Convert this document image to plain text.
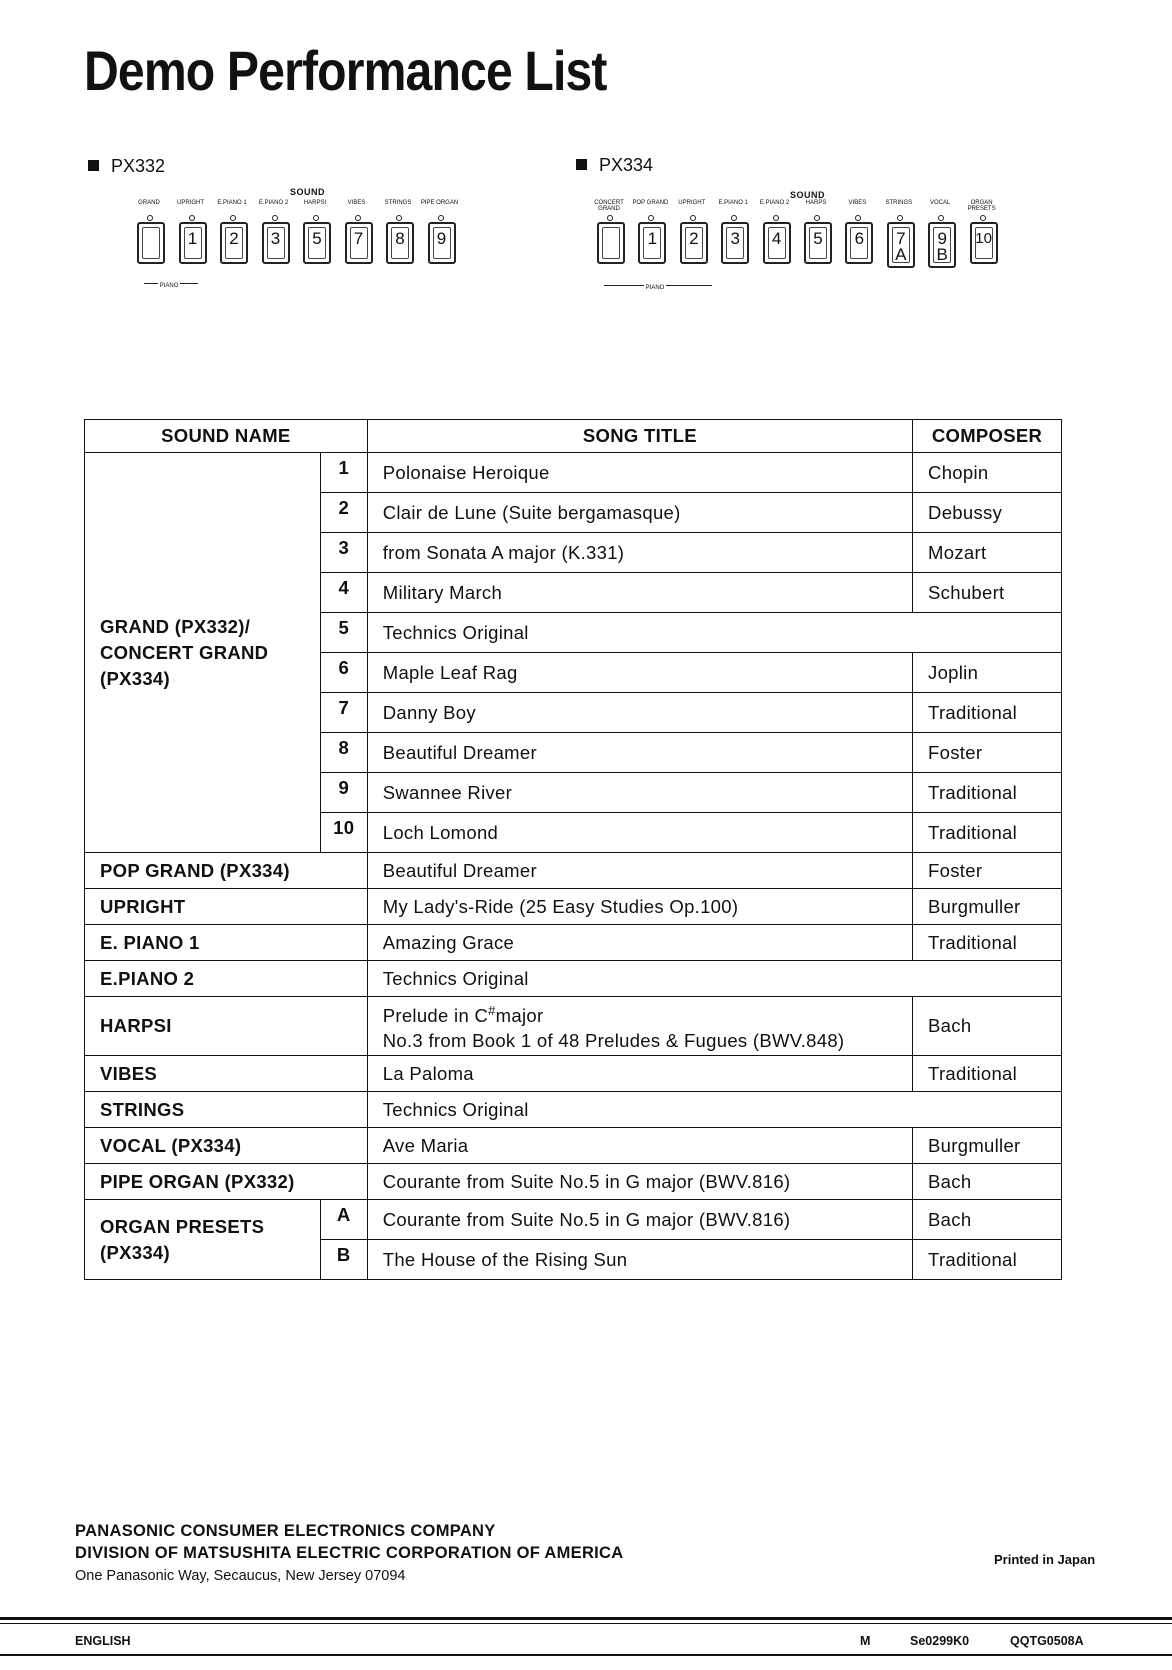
Demo Performance List
PX332
SOUND
GRAND	UPRIGHT
1
E.PIANO 1
2
E.PIANO 2
3
HARPSI
5
VIBES
7
STRINGS
8
PIPE ORGAN
9
PIANO
PX334
SOUND
CONCERT GRAND
POP GRAND
1
UPRIGHT
2
E.PIANO 1
3
E.PIANO 2
4
HARPS
5
VIBES
6
STRINGS
7
A
VOCAL
9
B
ORGAN PRESETS
10
PIANO
SOUND NAME		SONG TITLE	COMPOSER

GRAND (PX332)/
CONCERT GRAND
(PX334)	1	Polonaise Heroique	Chopin
	2	Clair de Lune (Suite bergamasque)	Debussy
	3	from Sonata A major (K.331)	Mozart
	4	Military March	Schubert
	5	Technics Original	
	6	Maple Leaf Rag	Joplin
	7	Danny Boy	Traditional
	8	Beautiful Dreamer	Foster
	9	Swannee River	Traditional
	10	Loch Lomond	Traditional
POP GRAND (PX334)		Beautiful Dreamer	Foster
UPRIGHT		My Lady's-Ride (25 Easy Studies Op.100)	Burgmuller
E. PIANO 1		Amazing Grace	Traditional
E.PIANO 2		Technics Original	
HARPSI		Prelude in C#major
No.3 from Book 1 of 48 Preludes & Fugues (BWV.848)	Bach
VIBES		La Paloma	Traditional
STRINGS		Technics Original	
VOCAL (PX334)		Ave Maria	Burgmuller
PIPE ORGAN (PX332)		Courante from Suite No.5 in G major (BWV.816)	Bach

ORGAN PRESETS
(PX334)	A	Courante from Suite No.5 in G major (BWV.816)	Bach
	B	The House of the Rising Sun	Traditional
PANASONIC CONSUMER ELECTRONICS COMPANY
DIVISION OF MATSUSHITA ELECTRIC CORPORATION OF AMERICA
One Panasonic Way, Secaucus, New Jersey 07094
Printed in Japan
ENGLISH	M	Se0299K0	QQTG0508A
